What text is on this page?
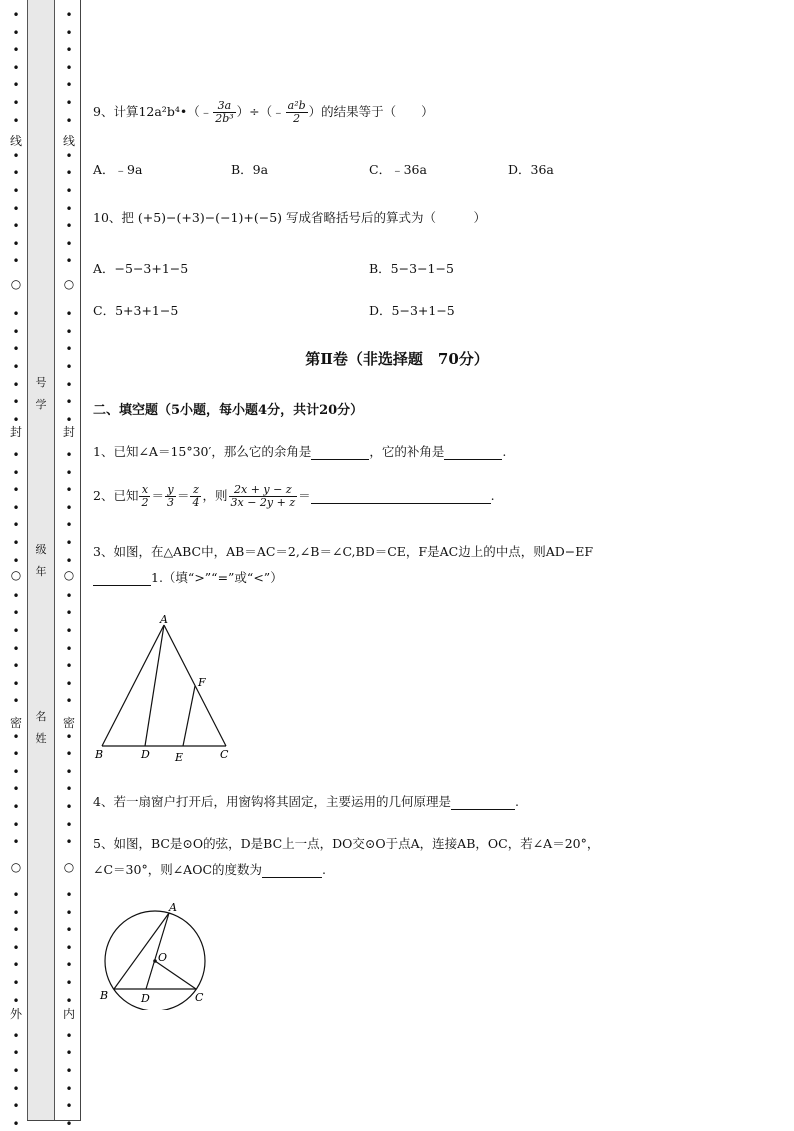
号
学
级
年
名
姓
线
○
封
○
密
○
外
•
•
•
•
•
•
•
•
•
•
•
•
•
•
•
•
•
•
•
•
•
•
•
•
•
•
•
•
•
•
•
•
•
•
•
•
•
•
•
•
•
•
•
•
•
•
•
•
•
•
•
•
•
•
•
线
○
封
○
密
○
内
•
•
•
•
•
•
•
•
•
•
•
•
•
•
•
•
•
•
•
•
•
•
•
•
•
•
•
•
•
•
•
•
•
•
•
•
•
•
•
•
•
•
•
•
•
•
•
•
•
•
•
•
•
•
•
9、计算12a²b⁴•（﹣ $\frac{3a}{\text{2b³}}$ ）÷（﹣ $\frac{\text{a²b}}{2}$ ）的结果等于（　　）
A．﹣9a	B．9a	C．﹣36a	D．36a
10、把 (+5)−(+3)−(−1)+(−5) 写成省略括号后的算式为（　　　）
A．−5−3+1−5	B．5−3−1−5
C．5+3+1−5	D．5−3+1−5
第Ⅱ卷（非选择题　70分）
二、填空题（5小题，每小题4分，共计20分）
1、已知∠A＝15°30′，那么它的余角是	，它的补角是	.
2、已知 $\frac{x}{2} = \frac{y}{3} = \frac{z}{4}$ ，则 $\frac{2x + y - z}{3x - 2y + z}$ ＝	.
3、如图，在△ABC中，AB＝AC＝2,∠B＝∠C,BD＝CE，F是AC边上的中点，则AD−EF
1.（填“>”“=”或“<”）
A
F
B	D E	C
4、若一扇窗户打开后，用窗钩将其固定，主要运用的几何原理是	.
5、如图，BC是⊙O的弦，D是BC上一点，DO交⊙O于点A，连接AB，OC，若∠A＝20°，
∠C＝30°，则∠AOC的度数为	.
A
O
B	D	C
